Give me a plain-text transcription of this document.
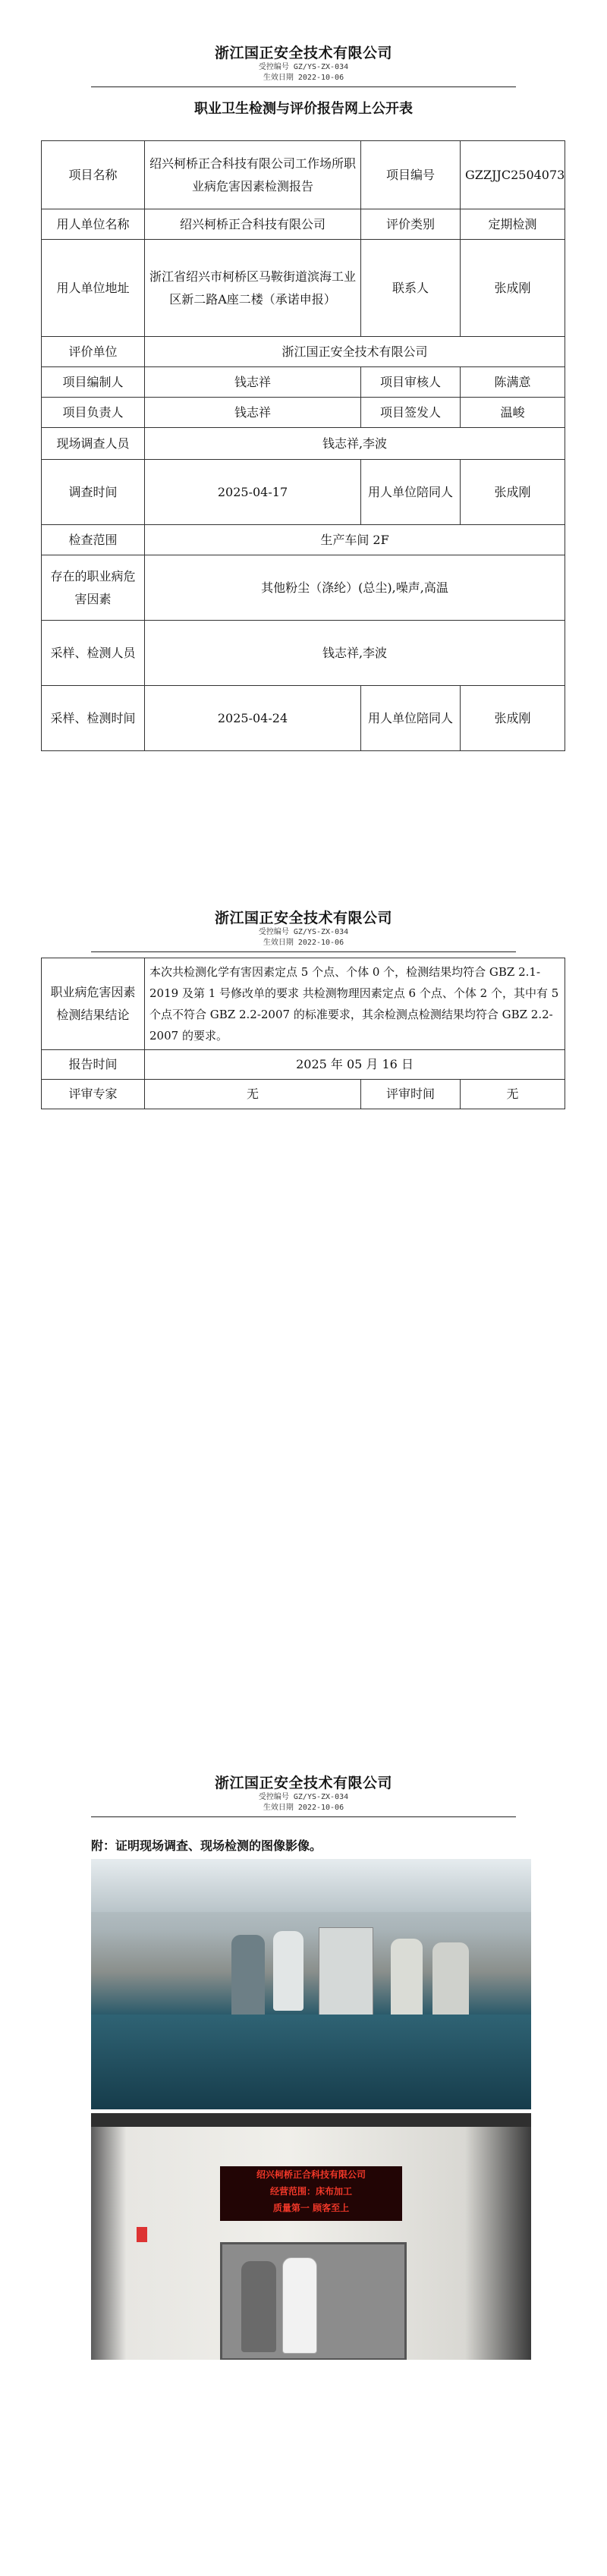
浙江国正安全技术有限公司
受控编号 GZ/YS-ZX-034
生效日期 2022-10-06
职业卫生检测与评价报告网上公开表
项目名称	绍兴柯桥正合科技有限公司工作场所职业病危害因素检测报告	项目编号	GZZJJC2504073
用人单位名称	绍兴柯桥正合科技有限公司	评价类别	定期检测
用人单位地址	浙江省绍兴市柯桥区马鞍街道滨海工业区新二路A座二楼（承诺申报）	联系人	张成刚
评价单位	浙江国正安全技术有限公司		
项目编制人	钱志祥	项目审核人	陈满意
项目负责人	钱志祥	项目签发人	温峻
现场调查人员	钱志祥,李波		
调查时间	2025-04-17	用人单位陪同人	张成刚
检查范围	生产车间 2F		
存在的职业病危害因素	其他粉尘（涤纶）(总尘),噪声,高温		
采样、检测人员	钱志祥,李波		
采样、检测时间	2025-04-24	用人单位陪同人	张成刚
浙江国正安全技术有限公司
受控编号 GZ/YS-ZX-034
生效日期 2022-10-06
职业病危害因素检测结果结论	本次共检测化学有害因素定点 5 个点、个体 0 个，检测结果均符合 GBZ 2.1-2019 及第 1 号修改单的要求 共检测物理因素定点 6 个点、个体 2 个，其中有 5 个点不符合 GBZ 2.2-2007 的标准要求，其余检测点检测结果均符合 GBZ 2.2-2007 的要求。		
报告时间	2025 年 05 月 16 日		
评审专家	无	评审时间	无
浙江国正安全技术有限公司
受控编号 GZ/YS-ZX-034
生效日期 2022-10-06
附：证明现场调查、现场检测的图像影像。
绍兴柯桥正合科技有限公司
经营范围：床布加工
质量第一 顾客至上
